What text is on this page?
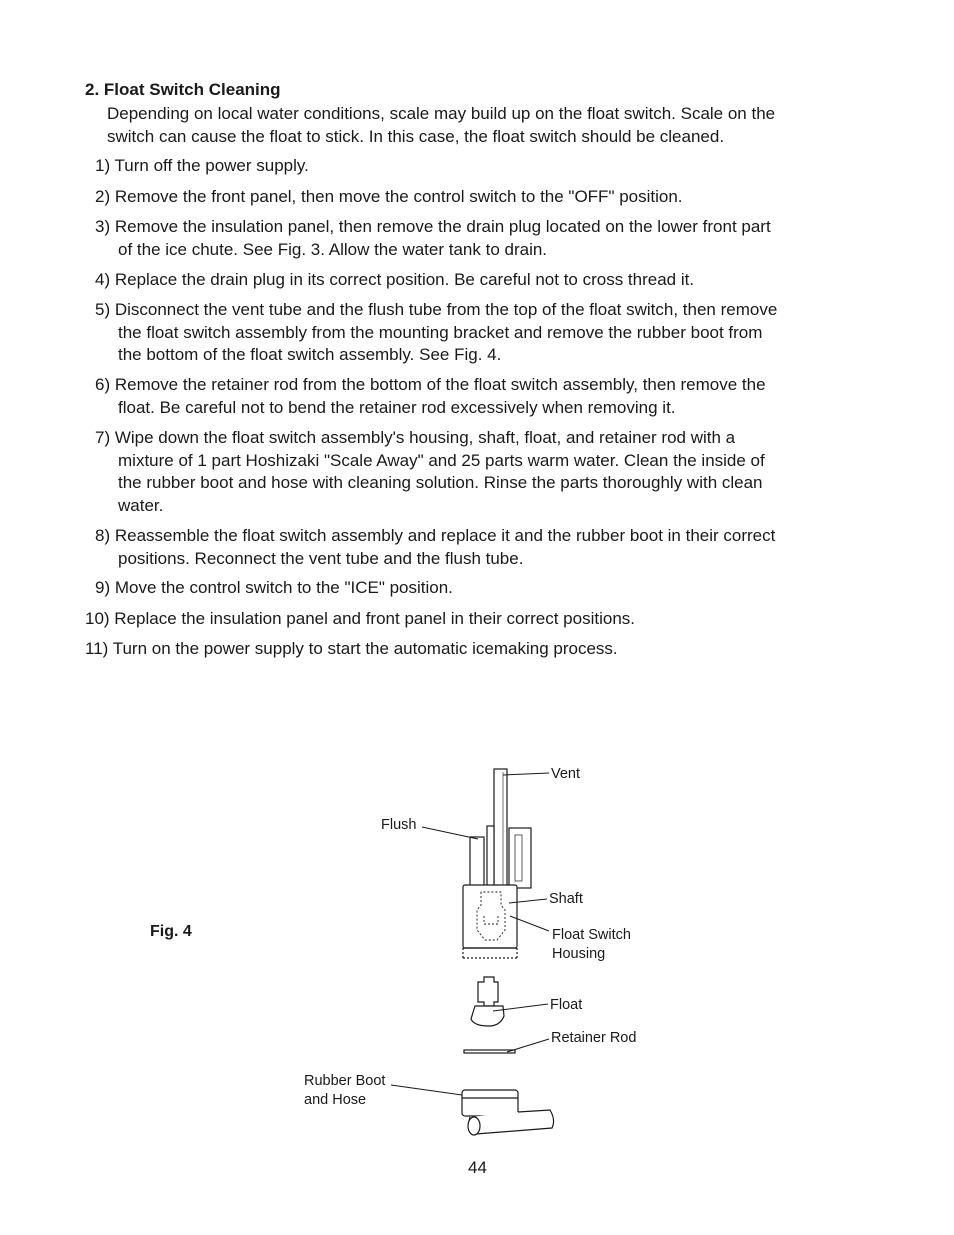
2. Float Switch Cleaning
Depending on local water conditions, scale may build up on the float switch. Scale on the
switch can cause the float to stick. In this case, the float switch should be cleaned.
1) Turn off the power supply.
2) Remove the front panel, then move the control switch to the "OFF" position.
3) Remove the insulation panel, then remove the drain plug located on the lower front part
of the ice chute. See Fig. 3. Allow the water tank to drain.
4) Replace the drain plug in its correct position. Be careful not to cross thread it.
5) Disconnect the vent tube and the flush tube from the top of the float switch, then remove
the float switch assembly from the mounting bracket and remove the rubber boot from
the bottom of the float switch assembly. See Fig. 4.
6) Remove the retainer rod from the bottom of the float switch assembly, then remove the
float. Be careful not to bend the retainer rod excessively when removing it.
7) Wipe down the float switch assembly's housing, shaft, float, and retainer rod with a
mixture of 1 part Hoshizaki "Scale Away" and 25 parts warm water. Clean the inside of
the rubber boot and hose with cleaning solution. Rinse the parts thoroughly with clean
water.
8) Reassemble the float switch assembly and replace it and the rubber boot in their correct
positions. Reconnect the vent tube and the flush tube.
9) Move the control switch to the "ICE" position.
10) Replace the insulation panel and front panel in their correct positions.
11) Turn on the power supply to start the automatic icemaking process.
Fig. 4
Vent
Flush
Shaft
Float Switch
Housing
Float
Retainer Rod
Rubber Boot
and Hose
44
